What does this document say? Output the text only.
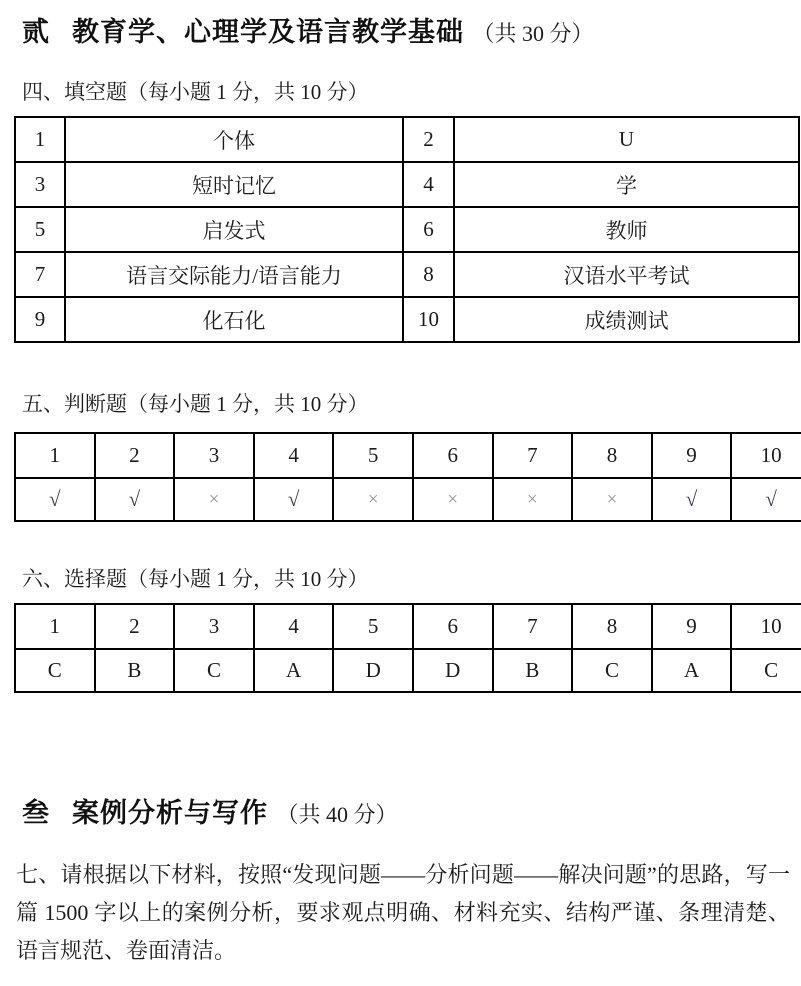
贰 教育学、心理学及语言教学基础 （共 30 分）
四、填空题（每小题 1 分，共 10 分）
1	个体	2	U
3	短时记忆	4	学
5	启发式	6	教师
7	语言交际能力/语言能力	8	汉语水平考试
9	化石化	10	成绩测试
五、判断题（每小题 1 分，共 10 分）
1	2	3	4	5	6	7	8	9	10
√	√	×	√	×	×	×	×	√	√
六、选择题（每小题 1 分，共 10 分）
1	2	3	4	5	6	7	8	9	10
C	B	C	A	D	D	B	C	A	C
叁 案例分析与写作 （共 40 分）

七、请根据以下材料，按照“发现问题——分析问题——解决问题”的思路，写一篇 1500 字以上的案例分析，要求观点明确、材料充实、结构严谨、条理清楚、语言规范、卷面清洁。
